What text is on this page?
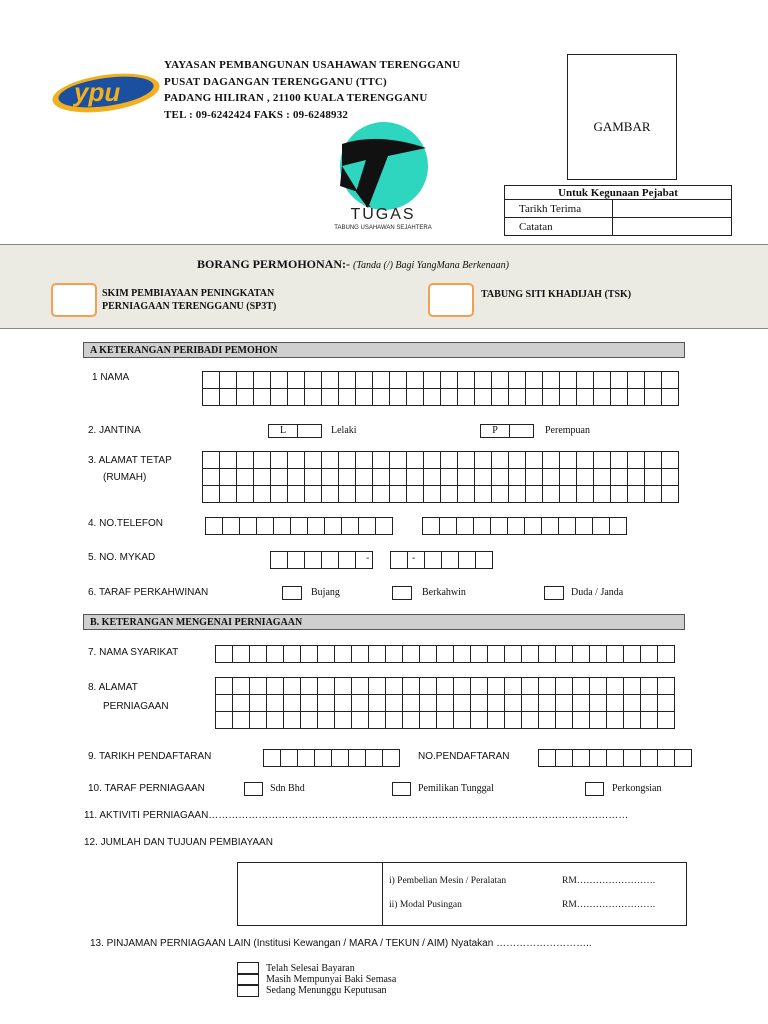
ypu
YAYASAN PEMBANGUNAN USAHAWAN TERENGGANU
PUSAT DAGANGAN TERENGGANU (TTC)
PADANG HILIRAN , 21100 KUALA TERENGGANU
TEL : 09-6242424 FAKS : 09-6248932
TÜGAS
TABUNG USAHAWAN SEJAHTERA
GAMBAR
Untuk Kegunaan Pejabat	
Tarikh Terima	
Catatan	
BORANG PERMOHONAN:- (Tanda (/) Bagi YangMana Berkenaan)
SKIM PEMBIAYAAN PENINGKATAN
PERNIAGAAN TERENGGANU (SP3T)
TABUNG SITI KHADIJAH (TSK)
A KETERANGAN PERIBADI PEMOHON
1 NAMA
2. JANTINA	L	Lelaki	P	Perempuan
3. ALAMAT TETAP
(RUMAH)
4. NO.TELEFON
5. NO. MYKAD	-	-
6. TARAF PERKAHWINAN	Bujang	Berkahwin	Duda / Janda
B. KETERANGAN MENGENAI PERNIAGAAN
7. NAMA SYARIKAT
8. ALAMAT
PERNIAGAAN
9. TARIKH PENDAFTARAN	NO.PENDAFTARAN
10. TARAF PERNIAGAAN	Sdn Bhd	Pemilikan Tunggal	Perkongsian
11. AKTIVITI PERNIAGAAN………………………………………………………………………………………………………………
12. JUMLAH DAN TUJUAN PEMBIAYAAN
i) Pembelian Mesin / Peralatan	RM…………………….
ii) Modal Pusingan	RM…………………….
13. PINJAMAN PERNIAGAAN LAIN (Institusi Kewangan / MARA / TEKUN / AIM) Nyatakan ………………………..
Telah Selesai Bayaran
Masih Mempunyai Baki Semasa
Sedang Menunggu Keputusan
